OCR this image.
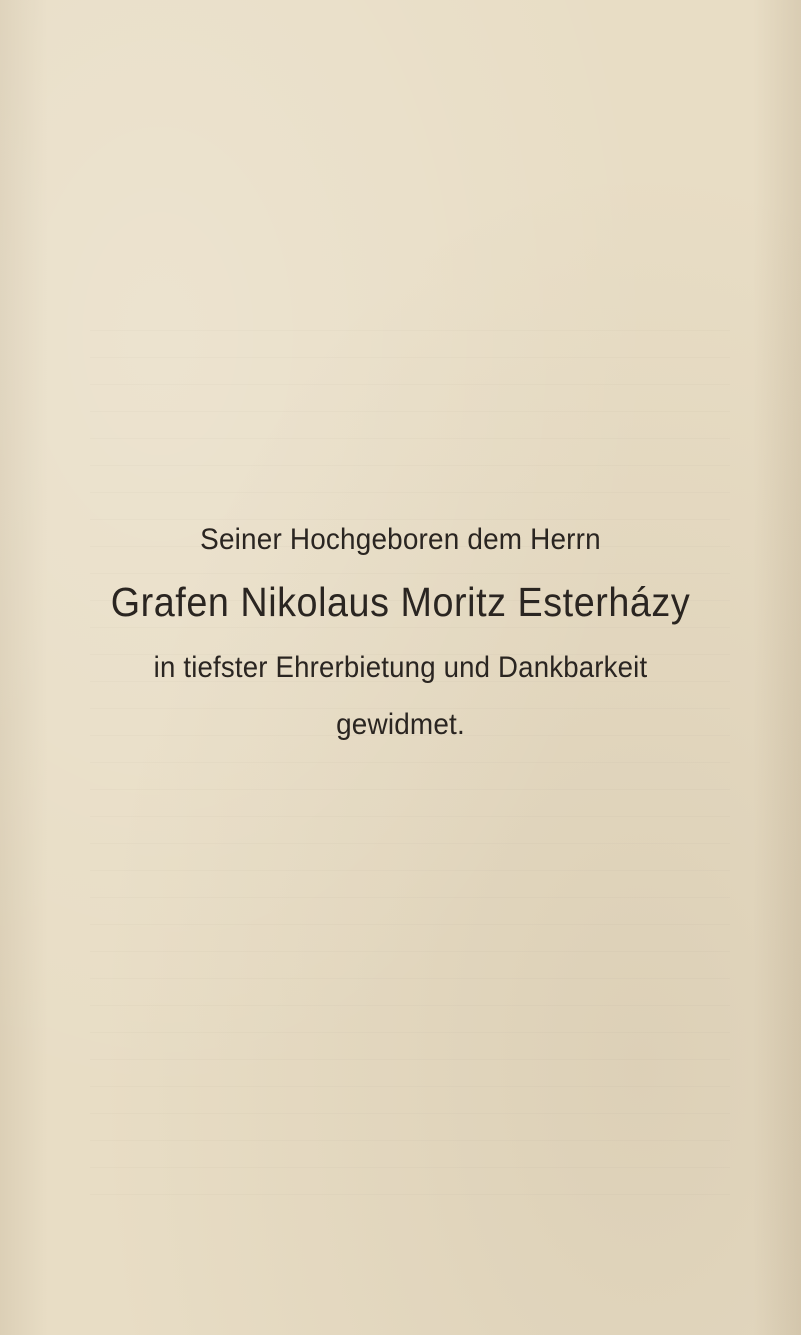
Seiner Hochgeboren dem Herrn
Grafen Nikolaus Moritz Esterházy
in tiefster Ehrerbietung und Dankbarkeit
gewidmet.
